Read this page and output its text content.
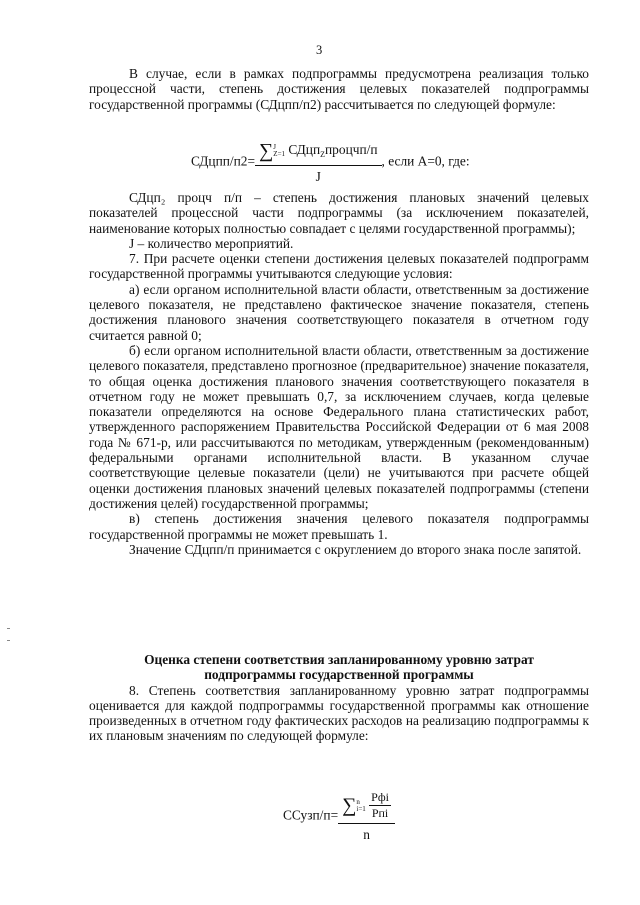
3

В случае, если в рамках подпрограммы предусмотрена реализация только процессной части, степень достижения целевых показателей подпрограммы государственной программы (СДцпп/п2) рассчитывается по следующей формуле:

СДцпп/п2= ∑J
Z=1 СДцп$_Z$процчп/п
J
, если А=0, где:

СДцп₂ процч п/п – степень достижения плановых значений целевых показателей процессной части подпрограммы (за исключением показателей, наименование которых полностью совпадает с целями государственной программы);

J – количество мероприятий.

7. При расчете оценки степени достижения целевых показателей подпрограмм государственной программы учитываются следующие условия:

а) если органом исполнительной власти области, ответственным за достижение целевого показателя, не представлено фактическое значение показателя, степень достижения планового значения соответствующего показателя в отчетном году считается равной 0;

б) если органом исполнительной власти области, ответственным за достижение целевого показателя, представлено прогнозное (предварительное) значение показателя, то общая оценка достижения планового значения соответствующего показателя в отчетном году не может превышать 0,7, за исключением случаев, когда целевые показатели определяются на основе Федерального плана статистических работ, утвержденного распоряжением Правительства Российской Федерации от 6 мая 2008 года № 671-р, или рассчитываются по методикам, утвержденным (рекомендованным) федеральными органами исполнительной власти. В указанном случае соответствующие целевые показатели (цели) не учитываются при расчете общей оценки достижения плановых значений целевых показателей подпрограммы (степени достижения целей) государственной программы;

в) степень достижения значения целевого показателя подпрограммы государственной программы не может превышать 1.

Значение СДцпп/п принимается с округлением до второго знака после запятой.

Оценка степени соответствия запланированному уровню затрат
подпрограммы государственной программы

8. Степень соответствия запланированному уровню затрат подпрограммы оценивается для каждой подпрограммы государственной программы как отношение произведенных в отчетном году фактических расходов на реализацию подпрограммы к их плановым значениям по следующей формуле:

ССузп/п= ∑n
i=1
Рфi
Рпi
n
